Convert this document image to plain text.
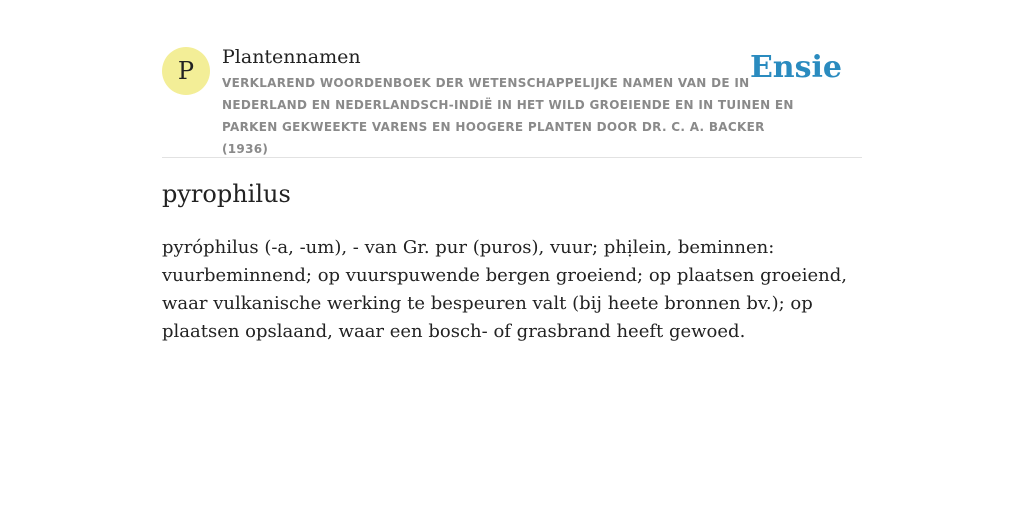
P Plantennamen
VERKLAREND WOORDENBOEK DER WETENSCHAPPELIJKE NAMEN VAN DE IN NEDERLAND EN NEDERLANDSCH-INDIË IN HET WILD GROEIENDE EN IN TUINEN EN PARKEN GEKWEEKTE VARENS EN HOOGERE PLANTEN DOOR DR. C. A. BACKER (1936)
Ensie
pyrophilus

pyróphilus (-a, -um), - van Gr. pur (puros), vuur; phịlein, beminnen: vuurbeminnend; op vuurspuwende bergen groeiend; op plaatsen groeiend, waar vulkanische werking te bespeuren valt (bij heete bronnen bv.); op plaatsen opslaand, waar een bosch- of grasbrand heeft gewoed.
